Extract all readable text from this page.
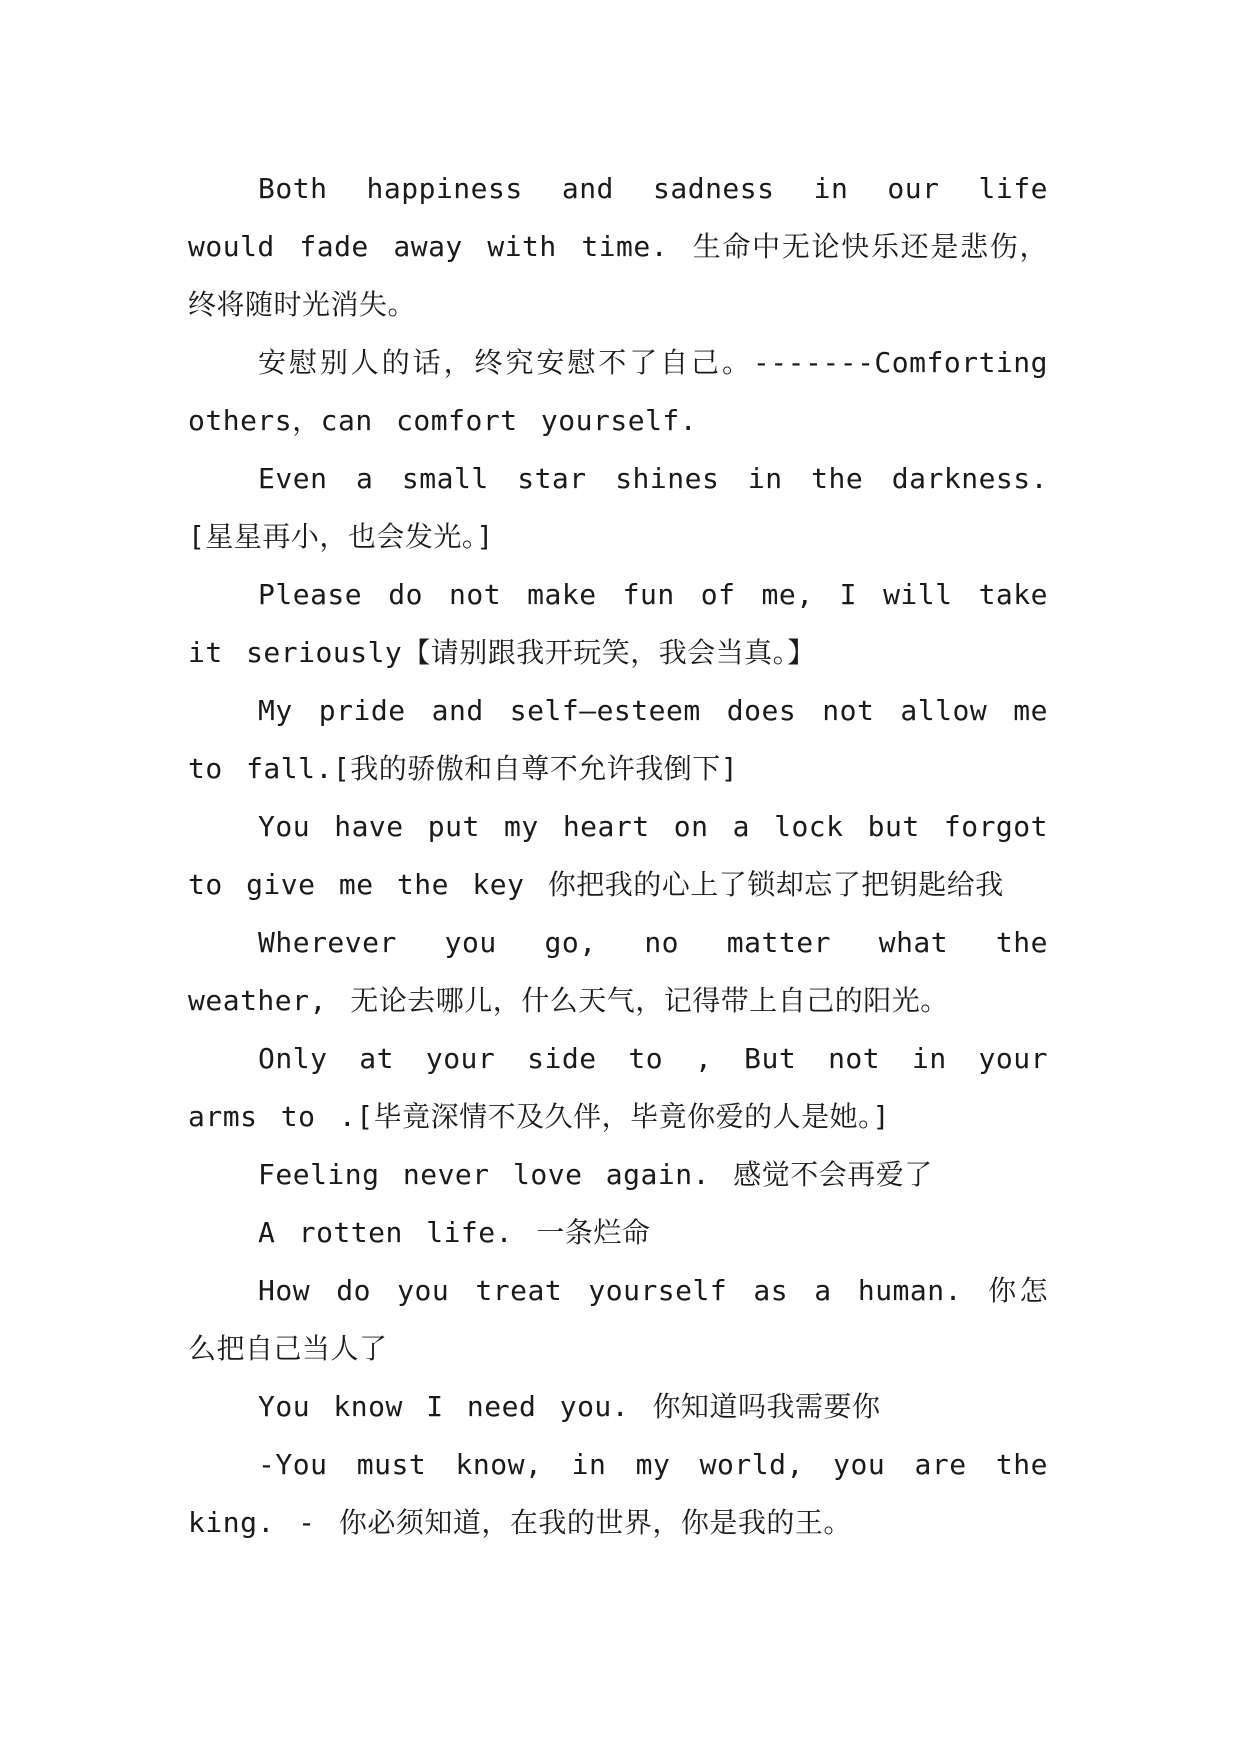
Both happiness and sadness in our life would fade away with time. 生命中无论快乐还是悲伤，终将随时光消失。

安慰别人的话，终究安慰不了自己。-------Comforting others，can comfort yourself.

Even a small star shines in the darkness.[星星再小，也会发光。]

Please do not make fun of me, I will take it seriously【请别跟我开玩笑，我会当真。】

My pride and self—esteem does not allow me to fall.[我的骄傲和自尊不允许我倒下]

You have put my heart on a lock but forgot to give me the key 你把我的心上了锁却忘了把钥匙给我

Wherever you go, no matter what the weather, 无论去哪儿，什么天气，记得带上自己的阳光。

Only at your side to , But not in your arms to .[毕竟深情不及久伴，毕竟你爱的人是她。]

Feeling never love again. 感觉不会再爱了

A rotten life. 一条烂命

How do you treat yourself as a human. 你怎么把自己当人了

You know I need you. 你知道吗我需要你

-You must know, in my world, you are the king. - 你必须知道，在我的世界，你是我的王。
